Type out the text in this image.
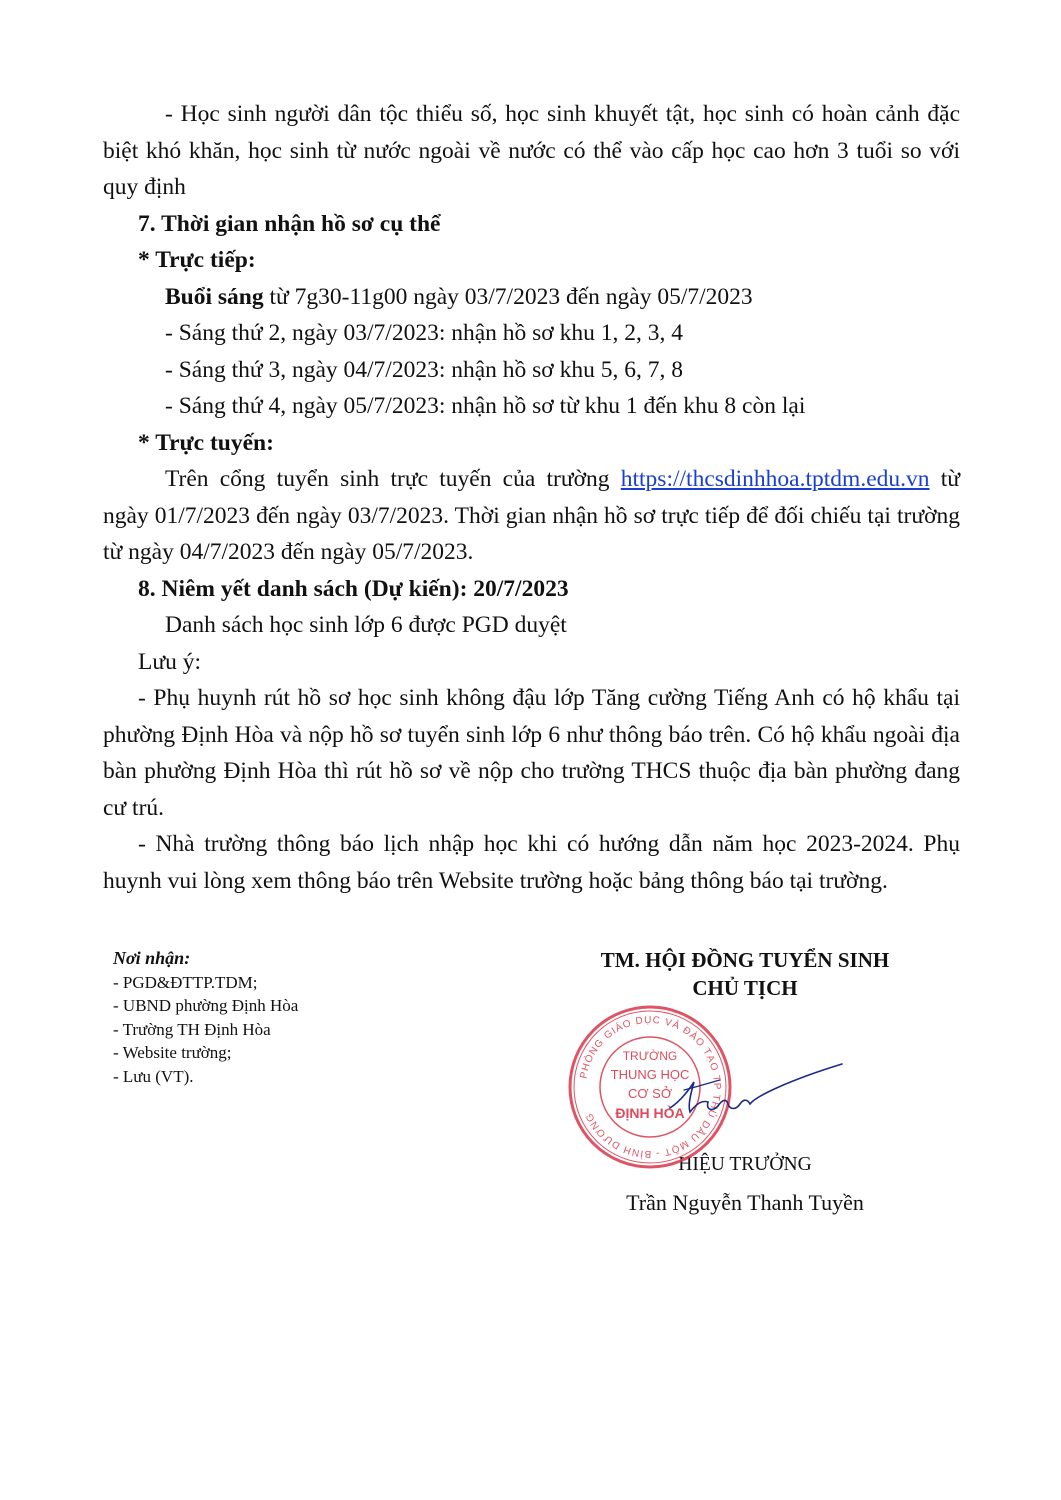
- Học sinh người dân tộc thiểu số, học sinh khuyết tật, học sinh có hoàn cảnh đặc biệt khó khăn, học sinh từ nước ngoài về nước có thể vào cấp học cao hơn 3 tuổi so với quy định

7. Thời gian nhận hồ sơ cụ thể

* Trực tiếp:

Buổi sáng từ 7g30-11g00 ngày 03/7/2023 đến ngày 05/7/2023

- Sáng thứ 2, ngày 03/7/2023: nhận hồ sơ khu 1, 2, 3, 4

- Sáng thứ 3, ngày 04/7/2023: nhận hồ sơ khu 5, 6, 7, 8

- Sáng thứ 4, ngày 05/7/2023: nhận hồ sơ từ khu 1 đến khu 8 còn lại

* Trực tuyến:

Trên cổng tuyển sinh trực tuyến của trường https://thcsdinhhoa.tptdm.edu.vn từ ngày 01/7/2023 đến ngày 03/7/2023. Thời gian nhận hồ sơ trực tiếp để đối chiếu tại trường từ ngày 04/7/2023 đến ngày 05/7/2023.

8. Niêm yết danh sách (Dự kiến): 20/7/2023

Danh sách học sinh lớp 6 được PGD duyệt

Lưu ý:

- Phụ huynh rút hồ sơ học sinh không đậu lớp Tăng cường Tiếng Anh có hộ khẩu tại phường Định Hòa và nộp hồ sơ tuyển sinh lớp 6 như thông báo trên. Có hộ khẩu ngoài địa bàn phường Định Hòa thì rút hồ sơ về nộp cho trường THCS thuộc địa bàn phường đang cư trú.

- Nhà trường thông báo lịch nhập học khi có hướng dẫn năm học 2023-2024. Phụ huynh vui lòng xem thông báo trên Website trường hoặc bảng thông báo tại trường.

Nơi nhận:
- PGD&ĐTTP.TDM;
- UBND phường Định Hòa
- Trường TH Định Hòa
- Website trường;
- Lưu (VT).
TM. HỘI ĐỒNG TUYỂN SINH
CHỦ TỊCH
HIỆU TRƯỞNG
Trần Nguyễn Thanh Tuyền
PHÒNG GIÁO DỤC VÀ ĐÀO TẠO TP THỦ DẦU MỘT - BÌNH DƯƠNG
TRƯỜNG
THUNG HỌC
CƠ SỞ
ĐỊNH HÒA
